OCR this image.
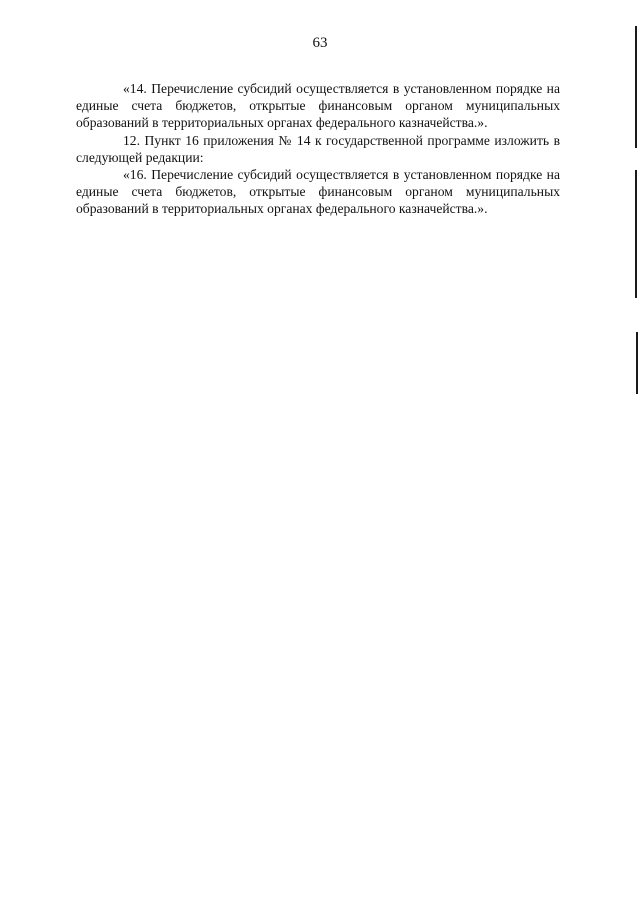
63

«14. Перечисление субсидий осуществляется в установленном порядке на единые счета бюджетов, открытые финансовым органом муниципальных образований в территориальных органах федерального казначейства.».

12. Пункт 16 приложения № 14 к государственной программе изложить в следующей редакции:

«16. Перечисление субсидий осуществляется в установленном порядке на единые счета бюджетов, открытые финансовым органом муниципальных образований в территориальных органах федерального казначейства.».
